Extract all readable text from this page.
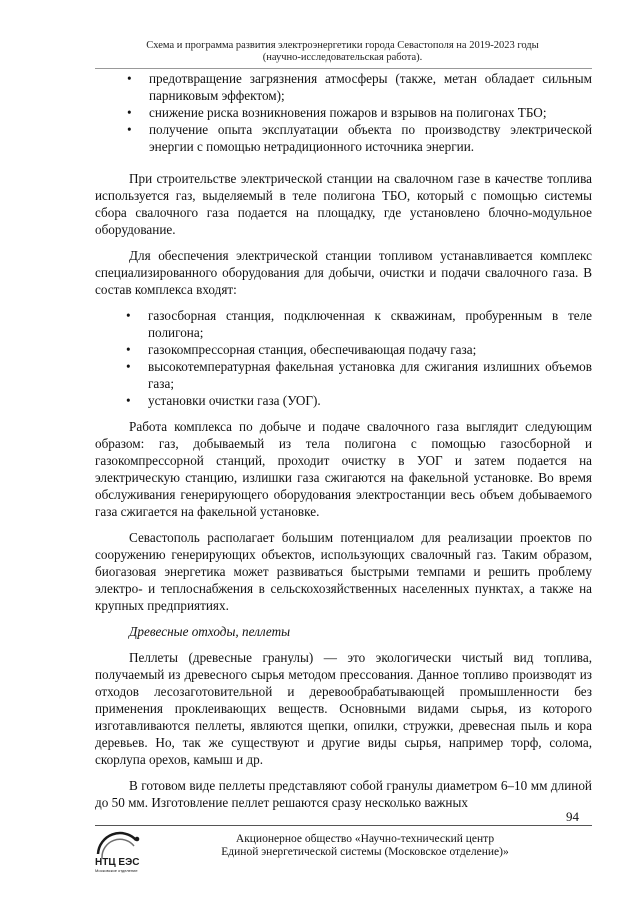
Схема и программа развития электроэнергетики города Севастополя на 2019-2023 годы
(научно-исследовательская работа).
• предотвращение загрязнения атмосферы (также, метан обладает сильным парниковым эффектом);
• снижение риска возникновения пожаров и взрывов на полигонах ТБО;
• получение опыта эксплуатации объекта по производству электрической энергии с помощью нетрадиционного источника энергии.

При строительстве электрической станции на свалочном газе в качестве топлива используется газ, выделяемый в теле полигона ТБО, который с помощью системы сбора свалочного газа подается на площадку, где установлено блочно-модульное оборудование.

Для обеспечения электрической станции топливом устанавливается комплекс специализированного оборудования для добычи, очистки и подачи свалочного газа. В состав комплекса входят:

• газосборная станция, подключенная к скважинам, пробуренным в теле полигона;
• газокомпрессорная станция, обеспечивающая подачу газа;
• высокотемпературная факельная установка для сжигания излишних объемов газа;
• установки очистки газа (УОГ).

Работа комплекса по добыче и подаче свалочного газа выглядит следующим образом: газ, добываемый из тела полигона с помощью газосборной и газокомпрессорной станций, проходит очистку в УОГ и затем подается на электрическую станцию, излишки газа сжигаются на факельной установке. Во время обслуживания генерирующего оборудования электростанции весь объем добываемого газа сжигается на факельной установке.

Севастополь располагает большим потенциалом для реализации проектов по сооружению генерирующих объектов, использующих свалочный газ. Таким образом, биогазовая энергетика может развиваться быстрыми темпами и решить проблему электро- и теплоснабжения в сельскохозяйственных населенных пунктах, а также на крупных предприятиях.

Древесные отходы, пеллеты

Пеллеты (древесные гранулы) — это экологически чистый вид топлива, получаемый из древесного сырья методом прессования. Данное топливо производят из отходов лесозаготовительной и деревообрабатывающей промышленности без применения проклеивающих веществ. Основными видами сырья, из которого изготавливаются пеллеты, являются щепки, опилки, стружки, древесная пыль и кора деревьев. Но, так же существуют и другие виды сырья, например торф, солома, скорлупа орехов, камыш и др.

В готовом виде пеллеты представляют собой гранулы диаметром 6–10 мм длиной до 50 мм. Изготовление пеллет решаются сразу несколько важных

94
НТЦ ЕЭС
Московское отделение
Акционерное общество «Научно-технический центр
Единой энергетической системы (Московское отделение)»
